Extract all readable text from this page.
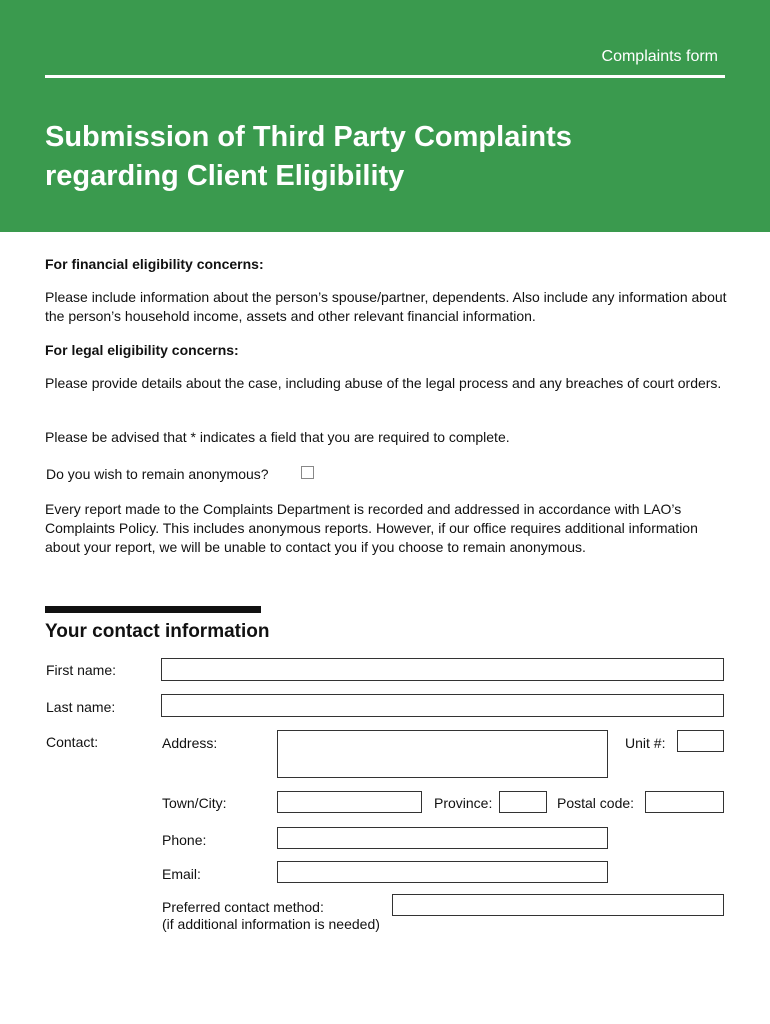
Complaints form
Submission of Third Party Complaints
regarding Client Eligibility

For financial eligibility concerns:

Please include information about the person’s spouse/partner, dependents. Also include any information about the person’s household income, assets and other relevant financial information.

For legal eligibility concerns:

Please provide details about the case, including abuse of the legal process and any breaches of court orders.

Please be advised that * indicates a field that you are required to complete.

Do you wish to remain anonymous?

Every report made to the Complaints Department is recorded and addressed in accordance with LAO’s Complaints Policy. This includes anonymous reports. However, if our office requires additional information about your report, we will be unable to contact you if you choose to remain anonymous.

Your contact information
First name:
Last name:
Contact:	Address:	Unit #:
Town/City:	Province:	Postal code:
Phone:
Email:
Preferred contact method:
(if additional information is needed)
